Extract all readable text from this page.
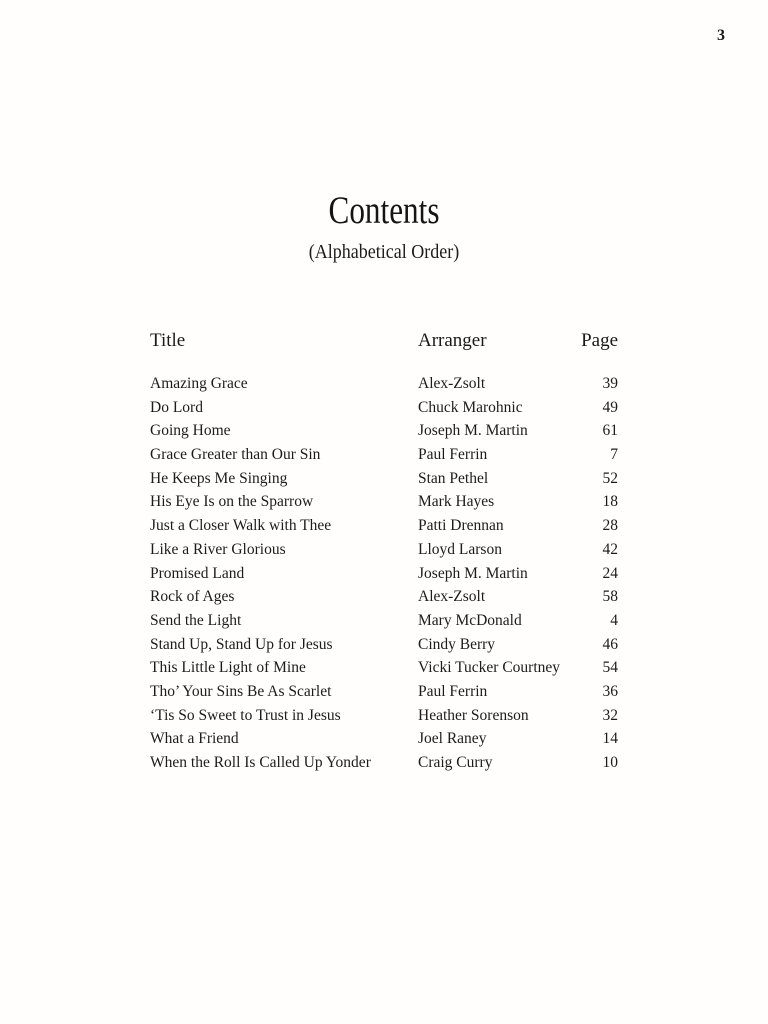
3
Contents
(Alphabetical Order)
Title	Arranger	Page
Amazing Grace	Alex-Zsolt	39
Do Lord	Chuck Marohnic	49
Going Home	Joseph M. Martin	61
Grace Greater than Our Sin	Paul Ferrin	7
He Keeps Me Singing	Stan Pethel	52
His Eye Is on the Sparrow	Mark Hayes	18
Just a Closer Walk with Thee	Patti Drennan	28
Like a River Glorious	Lloyd Larson	42
Promised Land	Joseph M. Martin	24
Rock of Ages	Alex-Zsolt	58
Send the Light	Mary McDonald	4
Stand Up, Stand Up for Jesus	Cindy Berry	46
This Little Light of Mine	Vicki Tucker Courtney	54
Tho’ Your Sins Be As Scarlet	Paul Ferrin	36
‘Tis So Sweet to Trust in Jesus	Heather Sorenson	32
What a Friend	Joel Raney	14
When the Roll Is Called Up Yonder	Craig Curry	10
